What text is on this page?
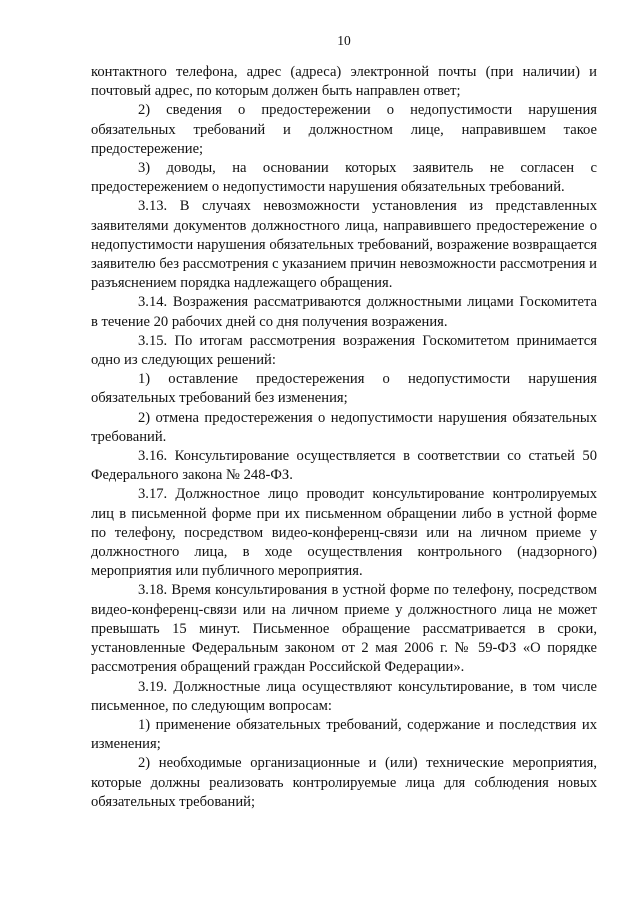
10

контактного телефона, адрес (адреса) электронной почты (при наличии) и почтовый адрес, по которым должен быть направлен ответ;

2) сведения о предостережении о недопустимости нарушения обязательных требований и должностном лице, направившем такое предостережение;

3) доводы, на основании которых заявитель не согласен с предостережением о недопустимости нарушения обязательных требований.

3.13. В случаях невозможности установления из представленных заявителями документов должностного лица, направившего предостережение о недопустимости нарушения обязательных требований, возражение возвращается заявителю без рассмотрения с указанием причин невозможности рассмотрения и разъяснением порядка надлежащего обращения.

3.14. Возражения рассматриваются должностными лицами Госкомитета в течение 20 рабочих дней со дня получения возражения.

3.15. По итогам рассмотрения возражения Госкомитетом принимается одно из следующих решений:

1) оставление предостережения о недопустимости нарушения обязательных требований без изменения;

2) отмена предостережения о недопустимости нарушения обязательных требований.

3.16. Консультирование осуществляется в соответствии со статьей 50 Федерального закона № 248-ФЗ.

3.17. Должностное лицо проводит консультирование контролируемых лиц в письменной форме при их письменном обращении либо в устной форме по телефону, посредством видео-конференц-связи или на личном приеме у должностного лица, в ходе осуществления контрольного (надзорного) мероприятия или публичного мероприятия.

3.18. Время консультирования в устной форме по телефону, посредством видео-конференц-связи или на личном приеме у должностного лица не может превышать 15 минут. Письменное обращение рассматривается в сроки, установленные Федеральным законом от 2 мая 2006 г. № 59-ФЗ «О порядке рассмотрения обращений граждан Российской Федерации».

3.19. Должностные лица осуществляют консультирование, в том числе письменное, по следующим вопросам:

1) применение обязательных требований, содержание и последствия их изменения;

2) необходимые организационные и (или) технические мероприятия, которые должны реализовать контролируемые лица для соблюдения новых обязательных требований;
